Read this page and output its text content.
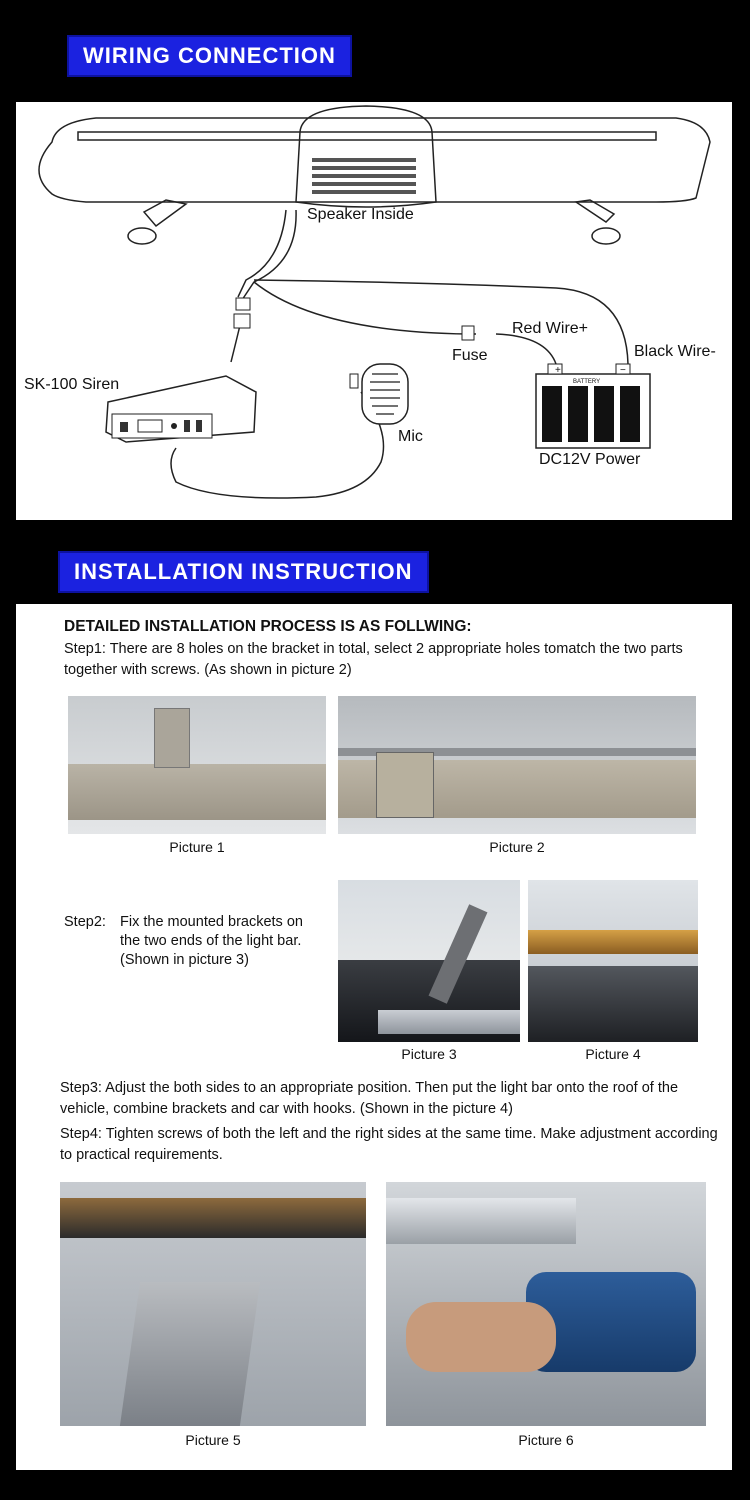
WIRING CONNECTION
+	−
BATTERY
Speaker Inside
SK-100 Siren
Mic
Fuse
Red Wire+
Black Wire-
DC12V Power
INSTALLATION INSTRUCTION
DETAILED INSTALLATION PROCESS IS AS FOLLWING:
Step1: There are 8 holes on the bracket in total, select 2 appropriate holes tomatch the two parts together with screws. (As shown in picture 2)
Picture 1	Picture 2
Step2: Fix the mounted brackets on
the two ends of the light bar.
(Shown in picture 3)
Picture 3	Picture 4
Step3: Adjust the both sides to an appropriate position. Then put the light bar onto the roof of the vehicle, combine brackets and car with hooks. (Shown in the picture 4)
Step4: Tighten screws of both the left and the right sides at the same time. Make adjustment according to practical requirements.
Picture 5	Picture 6
